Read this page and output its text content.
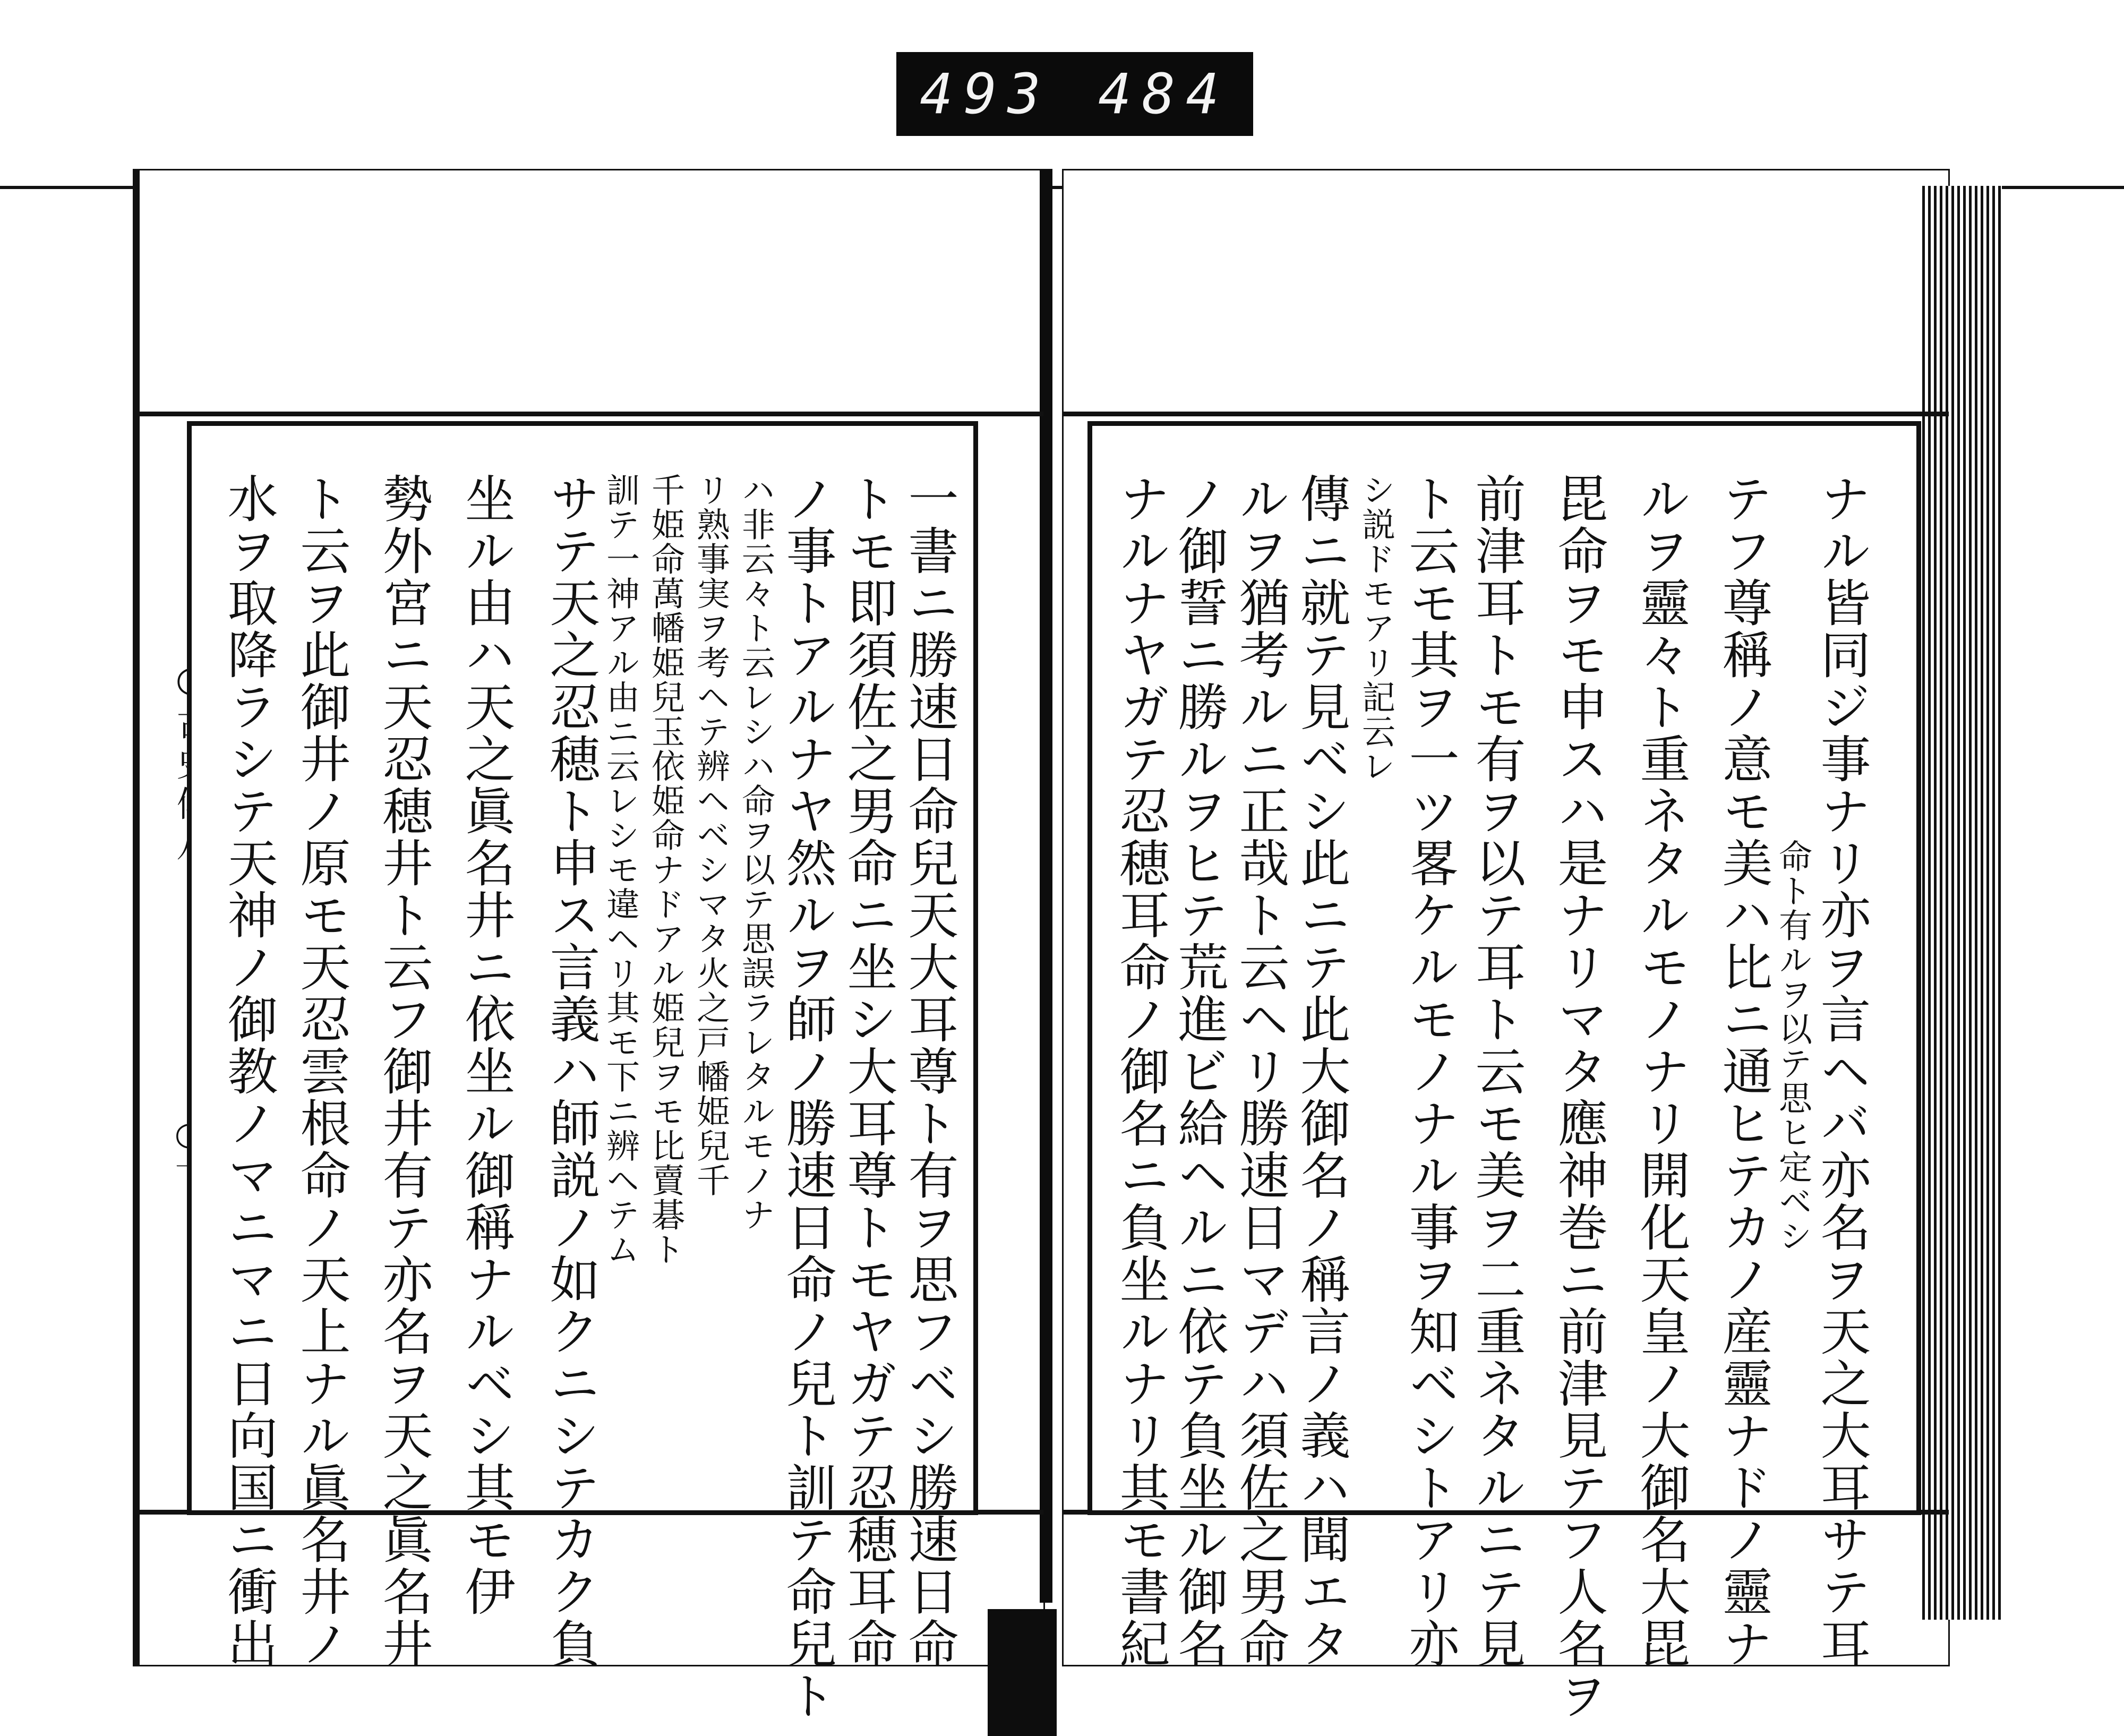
493 484
一書ニ勝速日命兒天大耳尊ト有ヲ思フベシ勝速日命
トモ即須佐之男命ニ坐シ大耳尊トモヤガテ忍穂耳命
ノ事トアルナヤ然ルヲ師ノ勝速日命ノ兒ト訓テ命兒ト
ハ非云々ト云レシハ命ヲ以テ思誤ラレタルモノナ
リ熟事実ヲ考ヘテ辨ヘベシマタ火之戸幡姫兒千
千姫命萬幡姫兒玉依姫命ナドアル姫兒ヲモ比賣碁ト
訓テ一神アル由ニ云レシモ違ヘリ其モ下ニ辨ヘテム
サテ天之忍穂ト申ス言義ハ師説ノ如クニシテカク負
坐ル由ハ天之眞名井ニ依坐ル御稱ナルベシ其モ伊
勢外宮ニ天忍穂井ト云フ御井有テ亦名ヲ天之眞名井
ト云ヲ此御井ノ原モ天忍雲根命ノ天上ナル眞名井ノ
水ヲ取降ラシテ天神ノ御教ノマニマニ日向国ニ衝出	ナル皆同ジ事ナリ亦ヲ言ヘバ亦名ヲ天之大耳サテ耳
命ト有ルヲ以テ思ヒ定ベシ
テフ尊稱ノ意モ美ハ比ニ通ヒテカノ産靈ナドノ靈ナ
ルヲ靈々ト重ネタルモノナリ開化天皇ノ大御名大毘
毘命ヲモ申スハ是ナリマタ應神巻ニ前津見テフ人名ヲ
前津耳トモ有ヲ以テ耳ト云モ美ヲ二重ネタルニテ見
ト云モ其ヲ一ツ畧ケルモノナル事ヲ知ベシトアリ亦
シ説ドモアリ記云レ
傳ニ就テ見ベシ此ニテ此大御名ノ稱言ノ義ハ聞エタ
ルヲ猶考ルニ正哉ト云ヘリ勝速日マデハ須佐之男命
ノ御誓ニ勝ルヲヒテ荒進ビ給ヘルニ依テ負坐ル御名
ナルナヤガテ忍穂耳命ノ御名ニ負坐ルナリ其モ書紀
